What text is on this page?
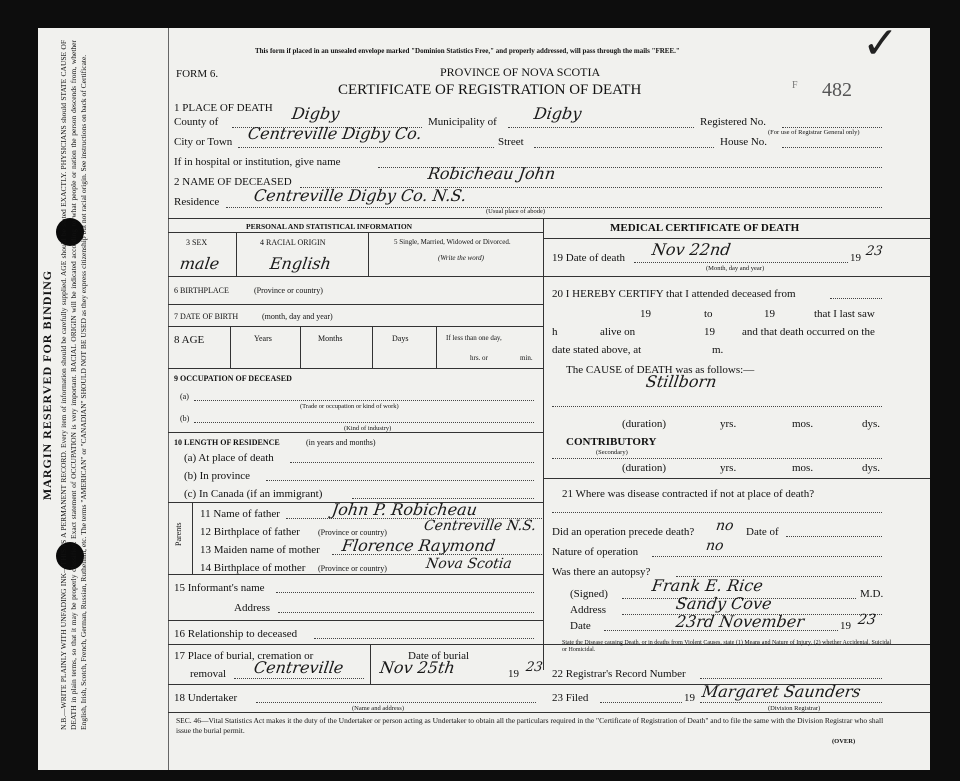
MARGIN RESERVED FOR BINDING N.B.—WRITE PLAINLY WITH UNFADING INK—THIS IS A PERMANENT RECORD. Every item of information should be carefully supplied. AGE should be stated EXACTLY. PHYSICIANS should STATE CAUSE OF DEATH in plain terms, so that it may be properly classified. Exact statement of OCCUPATION is very important. RACIAL ORIGIN will be indicated according to what people or nation the person descends from, whether English, Irish, Scotch, French, German, Russian, Ruthenian, etc. The terms "AMERICAN" or "CANADIAN" SHOULD NOT BE USED as they express citizenship but not racial origin. See instructions on back of Certificate.
This form if placed in an unsealed envelope marked "Dominion Statistics Free," and properly addressed, will pass through the mails "FREE."
FORM 6.	PROVINCE OF NOVA SCOTIA
CERTIFICATE OF REGISTRATION OF DEATH	F 482
✓
1 PLACE OF DEATH
County of	Digby	Municipality of Digby	Registered No.
(For use of Registrar General only)
City or Town Centreville Digby Co.	Street	House No.
If in hospital or institution, give name
2 NAME OF DECEASED	Robicheau John
Residence Centreville Digby Co. N.S.
(Usual place of abode)
PERSONAL AND STATISTICAL INFORMATION
3 SEX	4 RACIAL ORIGIN	5 Single, Married, Widowed or Divorced.
(Write the word)
male	English
6 BIRTHPLACE	(Province or country)
7 DATE OF BIRTH	(month, day and year)
8 AGE	Years	Months	Days	If less than one day,
hrs. or	min.
9 OCCUPATION OF DECEASED
(a)
(Trade or occupation or kind of work)
(b)
(Kind of industry)
10 LENGTH OF RESIDENCE	(in years and months)
(a) At place of death
(b) In province
(c) In Canada (if an immigrant)
Parents
11 Name of father	John P. Robicheau
12 Birthplace of father (Province or country)	Centreville N.S.
13 Maiden name of mother Florence Raymond
14 Birthplace of mother (Province or country)	Nova Scotia
15 Informant's name
Address
16 Relationship to deceased
17 Place of burial, cremation or
removal Centreville
Date of burial
Nov 25th	19 23
18 Undertaker
(Name and address)
MEDICAL CERTIFICATE OF DEATH
19 Date of death Nov 22nd
(Month, day and year)
19 23
20 I HEREBY CERTIFY that I attended deceased from
19	to	19	that I last saw
h	alive on	19 and that death occurred on the
date stated above, at	m.
The CAUSE of DEATH was as follows:—
Stillborn
(duration)	yrs.	mos.	dys.
CONTRIBUTORY
(Secondary)
(duration)	yrs.	mos.	dys.
21 Where was disease contracted if not at place of death?
Did an operation precede death? no Date of
Nature of operation	no
Was there an autopsy?
(Signed)	Frank E. Rice	M.D.
Address	Sandy Cove
Date	23rd November	19 23
State the Disease causing Death, or in deaths from Violent Causes, state (1) Means and Nature of Injury, (2) whether Accidental, Suicidal or Homicidal.
22 Registrar's Record Number
23 Filed	19 Margaret Saunders
(Division Registrar)
SEC. 46—Vital Statistics Act makes it the duty of the Undertaker or person acting as Undertaker to obtain all the particulars required in the "Certificate of Registration of Death" and to file the same with the Division Registrar who shall issue the burial permit.
(OVER)
